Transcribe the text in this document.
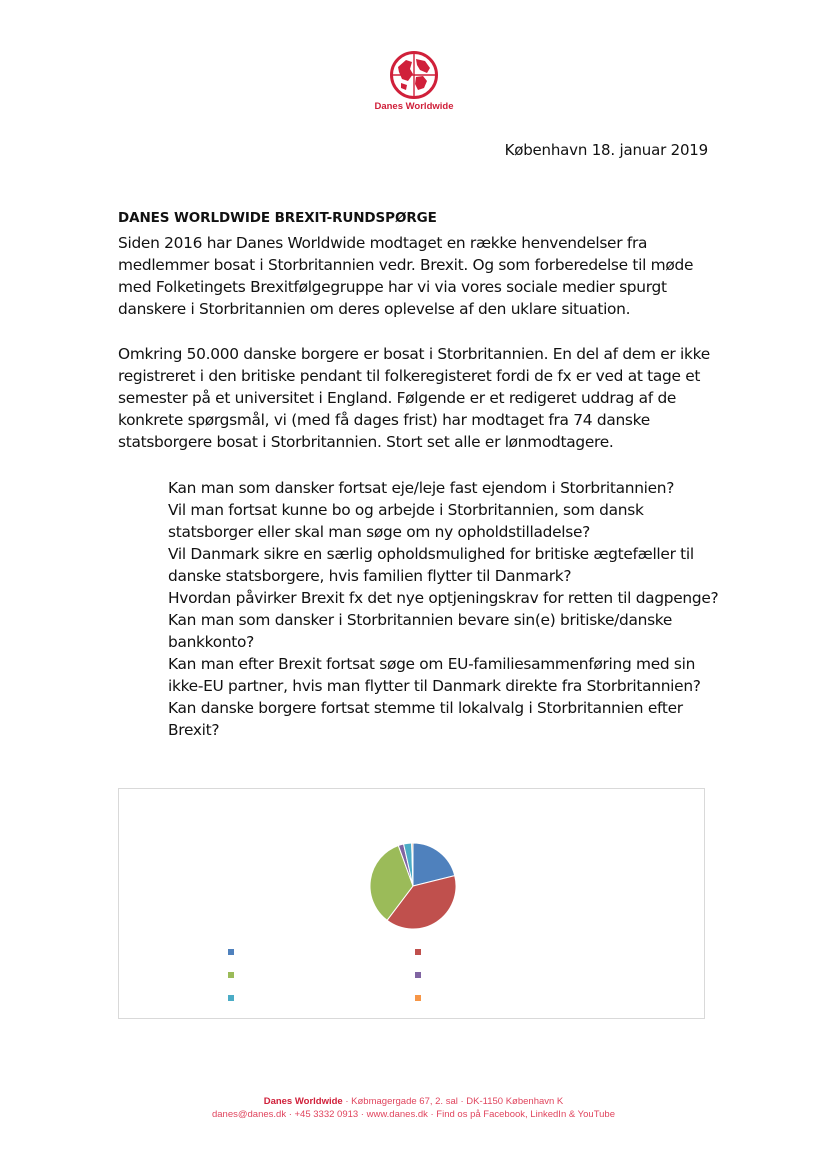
Danes Worldwide
København 18. januar 2019
DANES WORLDWIDE BREXIT-RUNDSPØRGE

Siden 2016 har Danes Worldwide modtaget en række henvendelser fra medlemmer bosat i Storbritannien vedr. Brexit. Og som forberedelse til møde med Folketingets Brexitfølgegruppe har vi via vores sociale medier spurgt danskere i Storbritannien om deres oplevelse af den uklare situation.

Omkring 50.000 danske borgere er bosat i Storbritannien. En del af dem er ikke registreret i den britiske pendant til folkeregisteret fordi de fx er ved at tage et semester på et universitet i England. Følgende er et redigeret uddrag af de konkrete spørgsmål, vi (med få dages frist) har modtaget fra 74 danske statsborgere bosat i Storbritannien. Stort set alle er lønmodtagere.

Kan man som dansker fortsat eje/leje fast ejendom i Storbritannien?
Vil man fortsat kunne bo og arbejde i Storbritannien, som dansk statsborger eller skal man søge om ny opholdstilladelse?
Vil Danmark sikre en særlig opholdsmulighed for britiske ægtefæller til danske statsborgere, hvis familien flytter til Danmark?
Hvordan påvirker Brexit fx det nye optjeningskrav for retten til dagpenge?
Kan man som dansker i Storbritannien bevare sin(e) britiske/danske bankkonto?
Kan man efter Brexit fortsat søge om EU-familiesammenføring med sin ikke-EU partner, hvis man flytter til Danmark direkte fra Storbritannien?
Kan danske borgere fortsat stemme til lokalvalg i Storbritannien efter Brexit?
Danes Worldwide · Købmagergade 67, 2. sal · DK-1150 København K
danes@danes.dk · +45 3332 0913 · www.danes.dk · Find os på Facebook, LinkedIn & YouTube
